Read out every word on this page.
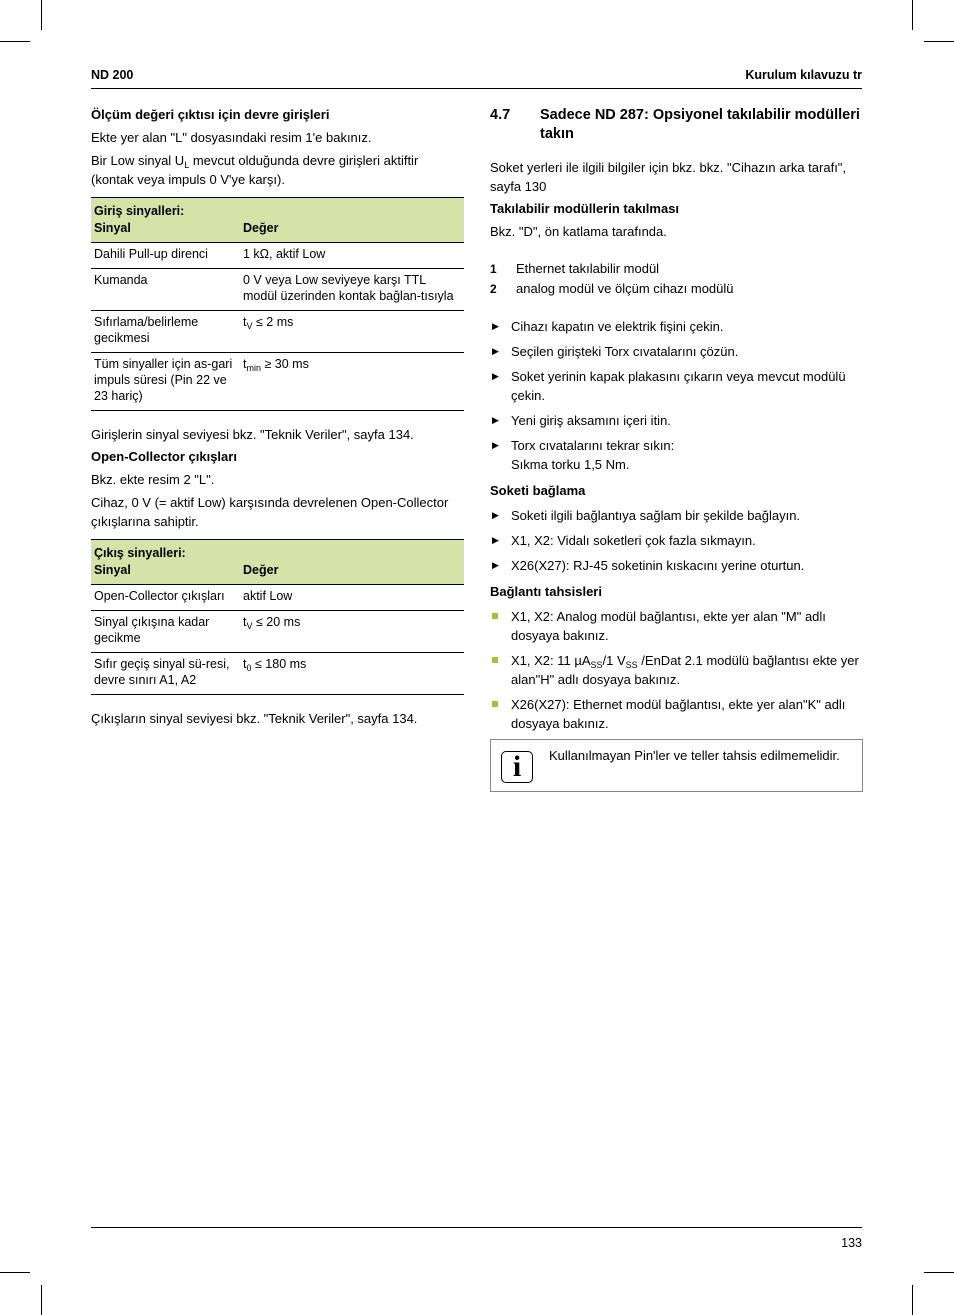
ND 200	Kurulum kılavuzu tr

Ölçüm değeri çıktısı için devre girişleri

Ekte yer alan "L" dosyasındaki resim 1'e bakınız.

Bir Low sinyal $U_L$ mevcut olduğunda devre girişleri aktiftir (kontak veya impuls 0 V'ye karşı).

Giriş sinyalleri:
Sinyal	Değer
Dahili Pull-up direnci	1 kΩ, aktif Low
Kumanda	0 V veya Low seviyeye karşı TTL modül üzerinden kontak bağlan-tısıyla
Sıfırlama/belirleme gecikmesi	$t_V \le 2$ ms
Tüm sinyaller için as-gari impuls süresi (Pin 22 ve 23 hariç)	$t_{min} \ge 30$ ms

Girişlerin sinyal seviyesi bkz. "Teknik Veriler", sayfa 134.

Open-Collector çıkışları

Bkz. ekte resim 2 "L".

Cihaz, 0 V (= aktif Low) karşısında devrelenen Open-Collector çıkışlarına sahiptir.

Çıkış sinyalleri:
Sinyal	Değer
Open-Collector çıkışları	aktif Low
Sinyal çıkışına kadar gecikme	$t_V \le 20$ ms
Sıfır geçiş sinyal sü-resi, devre sınırı A1, A2	$t_0 \le 180$ ms

Çıkışların sinyal seviyesi bkz. "Teknik Veriler", sayfa 134.

4.7 Sadece ND 287: Opsiyonel takılabilir modülleri takın

Soket yerleri ile ilgili bilgiler için bkz. bkz. "Cihazın arka tarafı", sayfa 130

Takılabilir modüllerin takılması

Bkz. "D", ön katlama tarafında.

1 Ethernet takılabilir modül
2 analog modül ve ölçüm cihazı modülü
▶ Cihazı kapatın ve elektrik fişini çekin.
▶ Seçilen girişteki Torx cıvatalarını çözün.
▶ Soket yerinin kapak plakasını çıkarın veya mevcut modülü çekin.
▶ Yeni giriş aksamını içeri itin.
▶ Torx cıvatalarını tekrar sıkın:
Sıkma torku 1,5 Nm.

Soketi bağlama

▶ Soketi ilgili bağlantıya sağlam bir şekilde bağlayın.
▶ X1, X2: Vidalı soketleri çok fazla sıkmayın.
▶ X26(X27): RJ-45 soketinin kıskacını yerine oturtun.

Bağlantı tahsisleri

X1, X2: Analog modül bağlantısı, ekte yer alan "M" adlı dosyaya bakınız.
X1, X2: 11 µA$_{SS}$/1 $V_{SS}$ /EnDat 2.1 modülü bağlantısı ekte yer alan"H" adlı dosyaya bakınız.
X26(X27): Ethernet modül bağlantısı, ekte yer alan"K" adlı dosyaya bakınız.
i	Kullanılmayan Pin'ler ve teller tahsis edilmemelidir.
133
